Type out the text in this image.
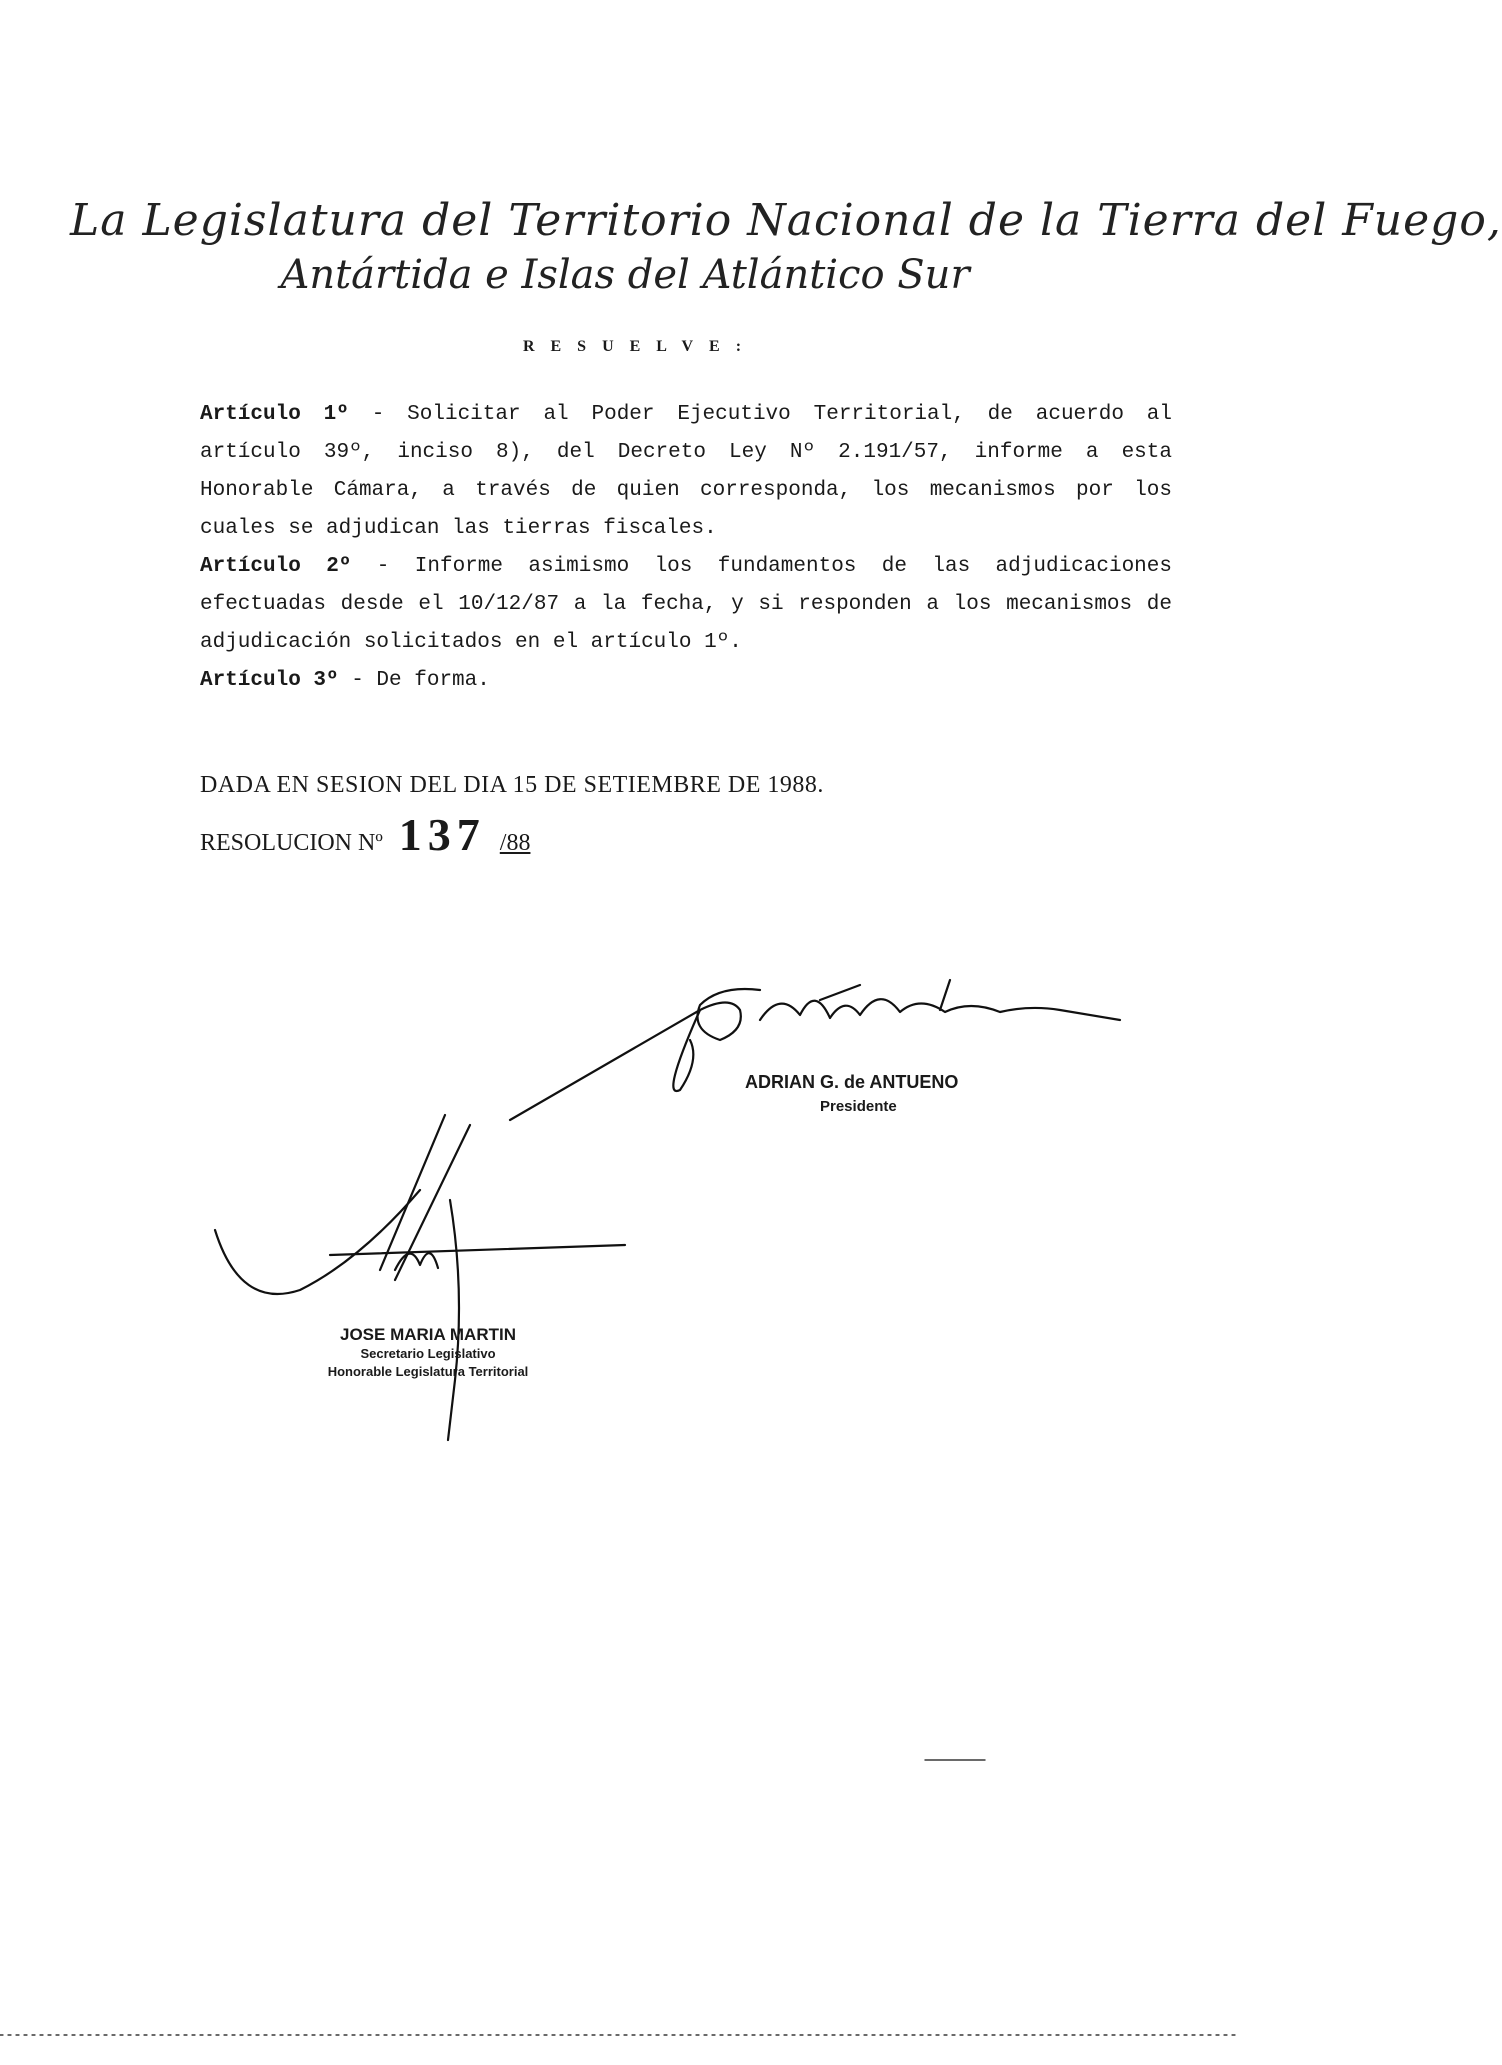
La Legislatura del Territorio Nacional de la Tierra del Fuego,
Antártida e Islas del Atlántico Sur
RESUELVE:

Artículo 1º - Solicitar al Poder Ejecutivo Territorial, de acuerdo al artículo 39º, inciso 8), del Decreto Ley Nº 2.191/57, informe a esta Honorable Cámara, a través de quien corresponda, los mecanismos por los cuales se adjudican las tierras fiscales.

Artículo 2º - Informe asimismo los fundamentos de las adjudicaciones efectuadas desde el 10/12/87 a la fecha, y si responden a los mecanismos de adjudicación solicitados en el artículo 1º.

Artículo 3º - De forma.

DADA EN SESION DEL DIA 15 DE SETIEMBRE DE 1988.
RESOLUCION Nº 137 /88
ADRIAN G. de ANTUENO
Presidente
JOSE MARIA MARTIN
Secretario Legislativo
Honorable Legislatura Territorial
